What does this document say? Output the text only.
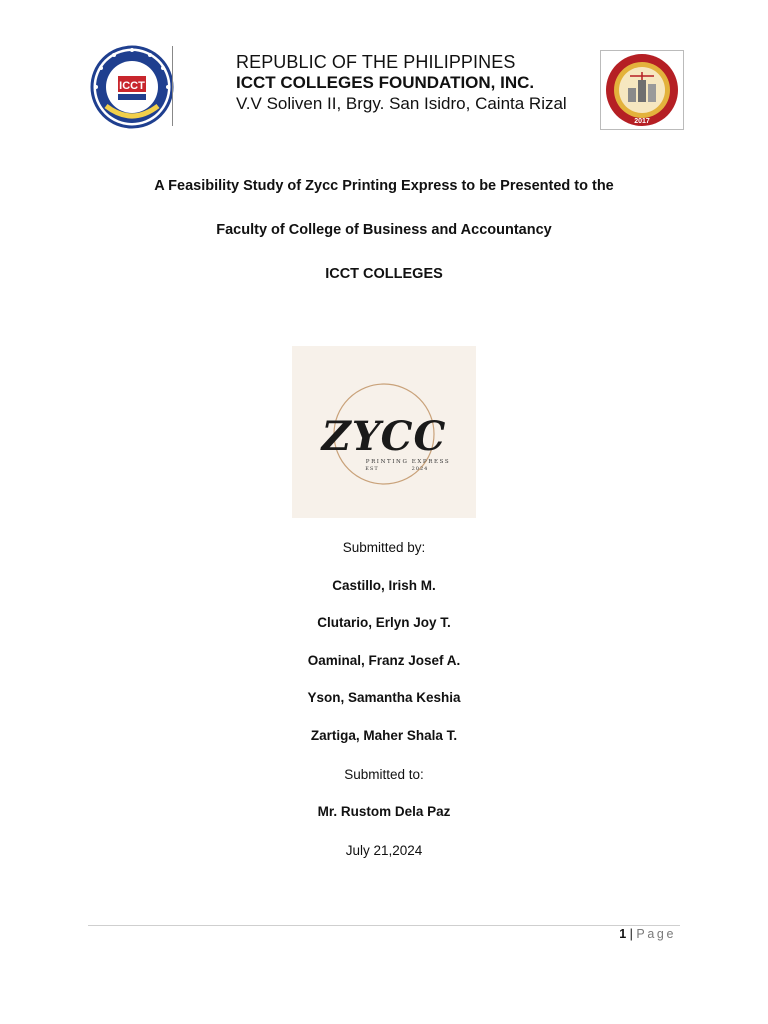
ICCT
REPUBLIC OF THE PHILIPPINES
ICCT COLLEGES FOUNDATION, INC.
V.V Soliven II, Brgy. San Isidro, Cainta Rizal
2017
A Feasibility Study of Zycc Printing Express to be Presented to the
Faculty of College of Business and Accountancy
ICCT COLLEGES
ZYCC
PRINTING EXPRESS
EST	2024
Submitted by:
Castillo, Irish M.
Clutario, Erlyn Joy T.
Oaminal, Franz Josef A.
Yson, Samantha Keshia
Zartiga, Maher Shala T.
Submitted to:
Mr. Rustom Dela Paz
July 21,2024
1 | Page
